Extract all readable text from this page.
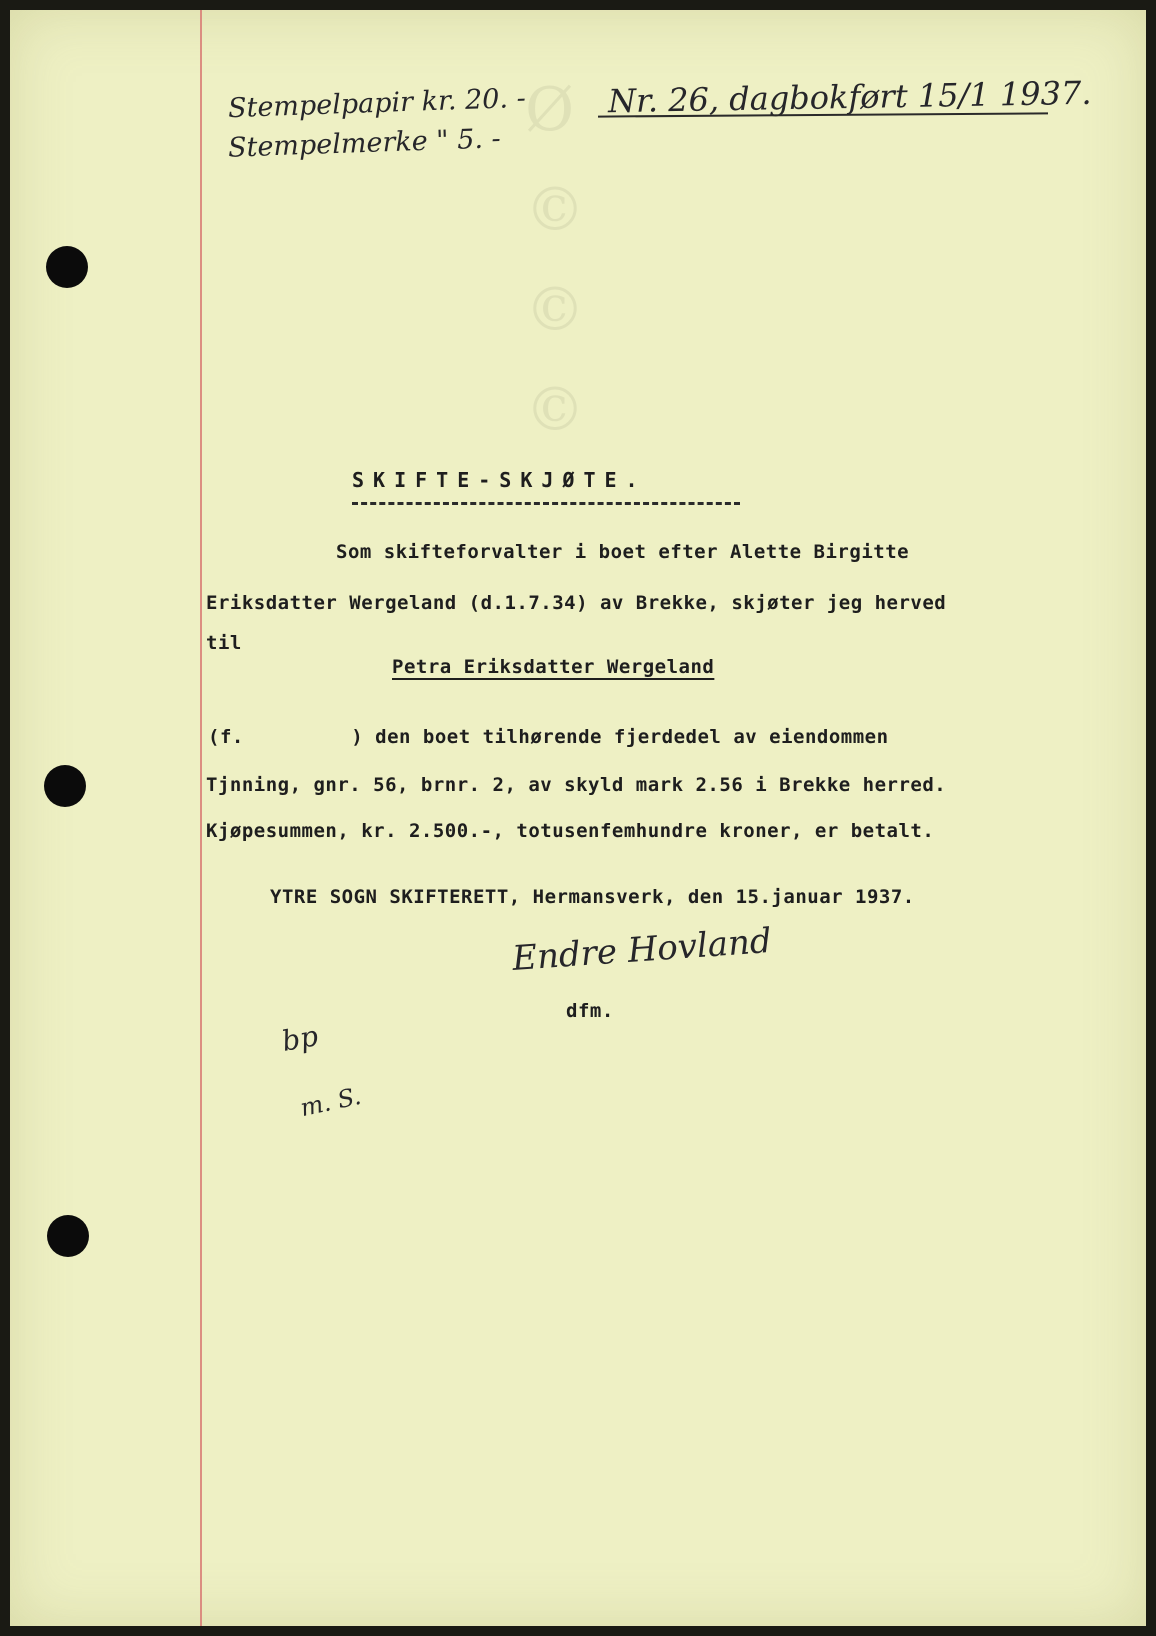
Ø
©
©
©
Stempelpapir kr. 20. -
Stempelmerke " 5. -
Nr. 26, dagbokført 15/1 1937.
SKIFTE-SKJØTE.
Som skifteforvalter i boet efter Alette Birgitte
Eriksdatter Wergeland (d.1.7.34) av Brekke, skjøter jeg herved
til
Petra Eriksdatter Wergeland
(f.         ) den boet tilhørende fjerdedel av eiendommen
Tjnning, gnr. 56, brnr. 2, av skyld mark 2.56 i Brekke herred.
Kjøpesummen, kr. 2.500.-, totusenfemhundre kroner, er betalt.
YTRE SOGN SKIFTERETT, Hermansverk, den 15.januar 1937.
Endre Hovland
dfm.
bp
m. S.
